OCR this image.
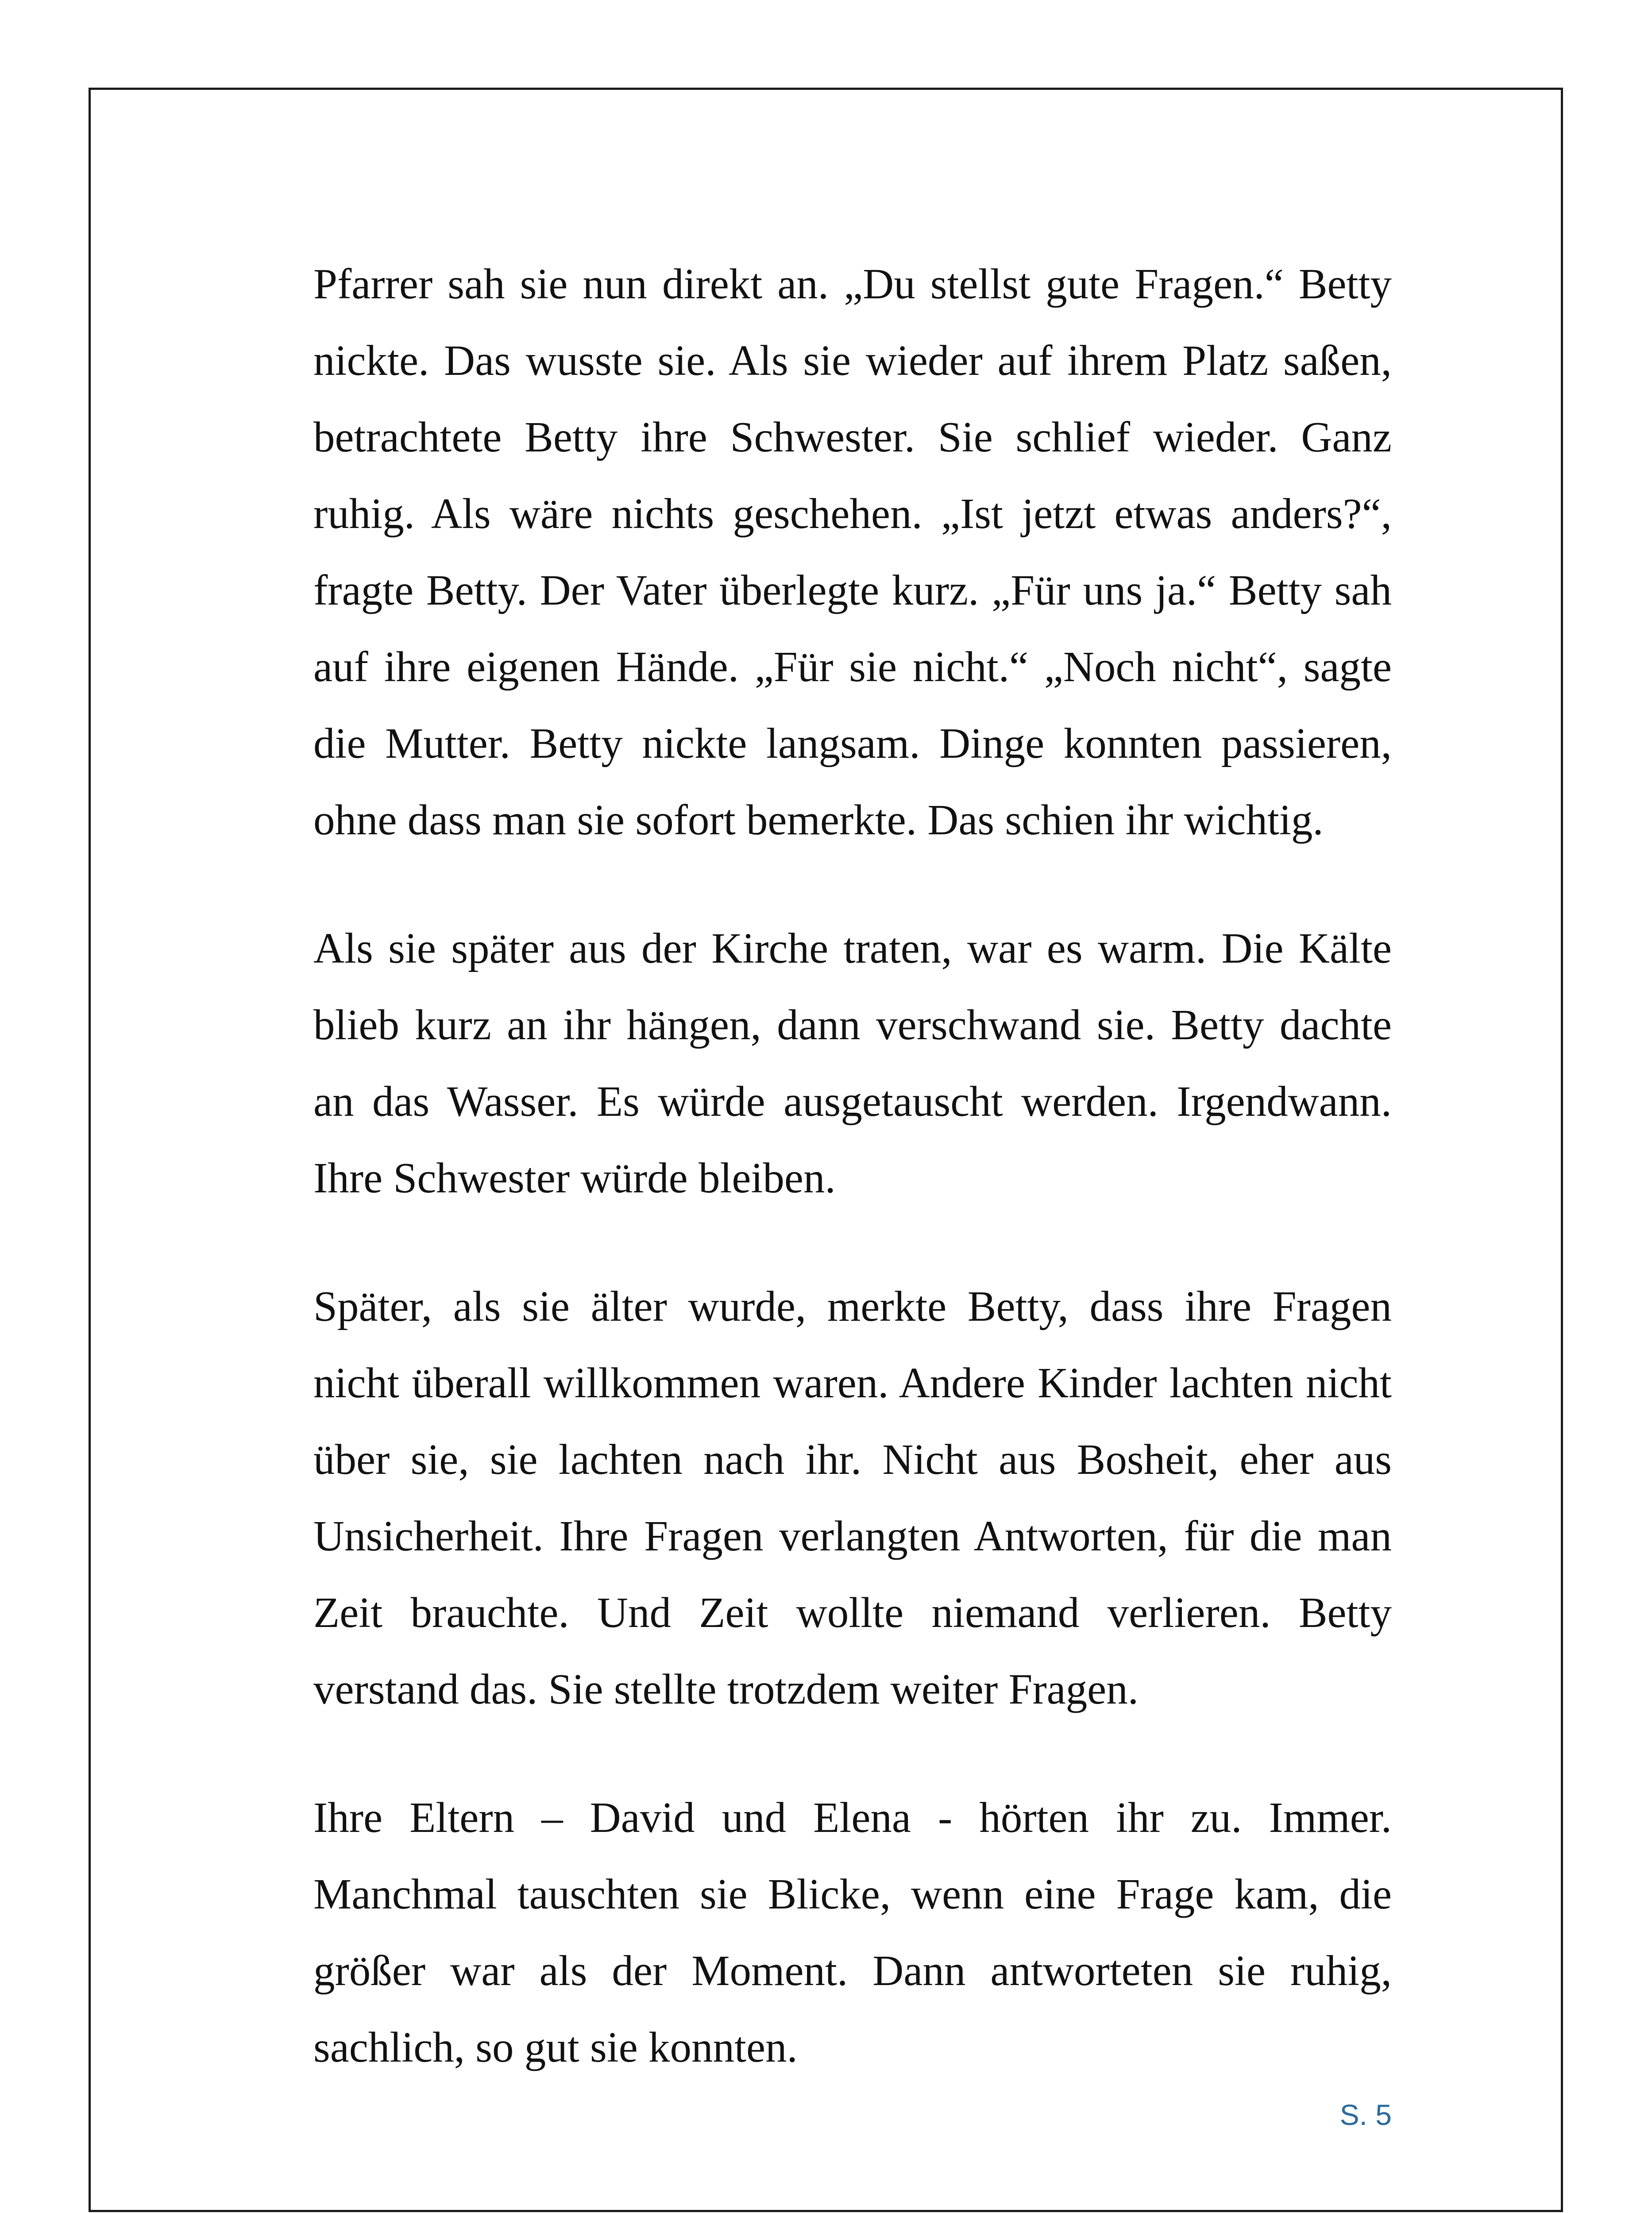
Pfarrer sah sie nun direkt an. „Du stellst gute Fragen.“ Betty nickte. Das wusste sie. Als sie wieder auf ihrem Platz saßen, betrachtete Betty ihre Schwester. Sie schlief wieder. Ganz ruhig. Als wäre nichts geschehen. „Ist jetzt etwas anders?“, fragte Betty. Der Vater überlegte kurz. „Für uns ja.“ Betty sah auf ihre eigenen Hände. „Für sie nicht.“ „Noch nicht“, sagte die Mutter. Betty nickte langsam. Dinge konnten passieren, ohne dass man sie sofort bemerkte. Das schien ihr wichtig.

Als sie später aus der Kirche traten, war es warm. Die Kälte blieb kurz an ihr hängen, dann verschwand sie. Betty dachte an das Wasser. Es würde ausgetauscht werden. Irgendwann. Ihre Schwester würde bleiben.

Später, als sie älter wurde, merkte Betty, dass ihre Fragen nicht überall willkommen waren. Andere Kinder lachten nicht über sie, sie lachten nach ihr. Nicht aus Bosheit, eher aus Unsicherheit. Ihre Fragen verlangten Antworten, für die man Zeit brauchte. Und Zeit wollte niemand verlieren. Betty verstand das. Sie stellte trotzdem weiter Fragen.

Ihre Eltern – David und Elena - hörten ihr zu. Immer. Manchmal tauschten sie Blicke, wenn eine Frage kam, die größer war als der Moment. Dann antworteten sie ruhig, sachlich, so gut sie konnten.

S. 5
